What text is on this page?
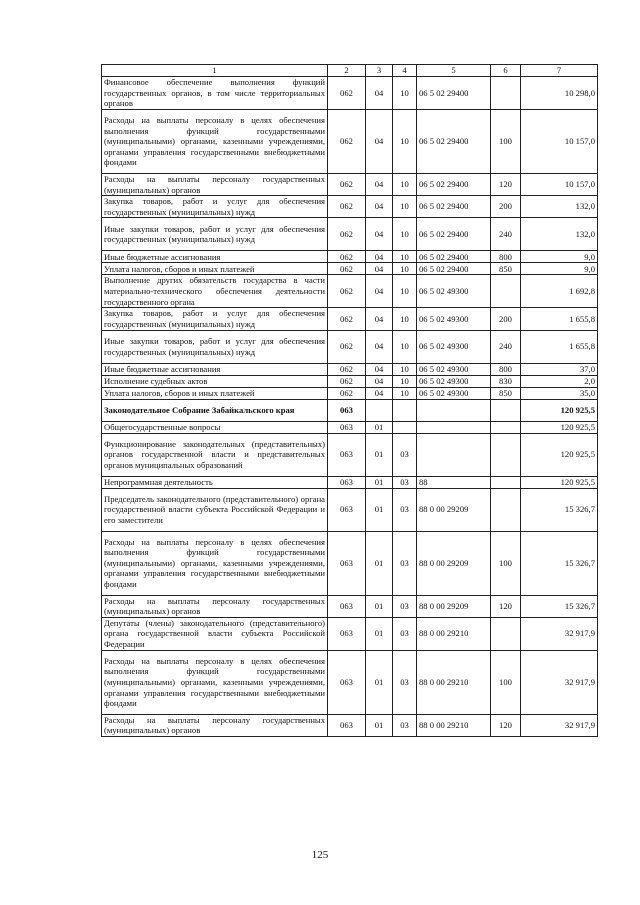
1	2	3	4	5	6	7
Финансовое обеспечение выполнения функций государственных органов, в том числе территориальных органов	062	04	10	06 5 02 29400		10 298,0
Расходы на выплаты персоналу в целях обеспечения выполнения функций государственными (муниципальными) органами, казенными учреждениями, органами управления государственными внебюджетными фондами	062	04	10	06 5 02 29400	100	10 157,0
Расходы на выплаты персоналу государственных (муниципальных) органов	062	04	10	06 5 02 29400	120	10 157,0
Закупка товаров, работ и услуг для обеспечения государственных (муниципальных) нужд	062	04	10	06 5 02 29400	200	132,0
Иные закупки товаров, работ и услуг для обеспечения государственных (муниципальных) нужд	062	04	10	06 5 02 29400	240	132,0
Иные бюджетные ассигнования	062	04	10	06 5 02 29400	800	9,0
Уплата налогов, сборов и иных платежей	062	04	10	06 5 02 29400	850	9,0
Выполнение других обязательств государства в части материально-технического обеспечения деятельности государственного органа	062	04	10	06 5 02 49300		1 692,8
Закупка товаров, работ и услуг для обеспечения государственных (муниципальных) нужд	062	04	10	06 5 02 49300	200	1 655,8
Иные закупки товаров, работ и услуг для обеспечения государственных (муниципальных) нужд	062	04	10	06 5 02 49300	240	1 655,8
Иные бюджетные ассигнования	062	04	10	06 5 02 49300	800	37,0
Исполнение судебных актов	062	04	10	06 5 02 49300	830	2,0
Уплата налогов, сборов и иных платежей	062	04	10	06 5 02 49300	850	35,0
Законодательное Собрание Забайкальского края	063					120 925,5
Общегосударственные вопросы	063	01				120 925,5
Функционирование законодательных (представительных) органов государственной власти и представительных органов муниципальных образований	063	01	03			120 925,5
Непрограммная деятельность	063	01	03	88		120 925,5
Председатель законодательного (представительного) органа государственной власти субъекта Российской Федерации и его заместители	063	01	03	88 0 00 29209		15 326,7
Расходы на выплаты персоналу в целях обеспечения выполнения функций государственными (муниципальными) органами, казенными учреждениями, органами управления государственными внебюджетными фондами	063	01	03	88 0 00 29209	100	15 326,7
Расходы на выплаты персоналу государственных (муниципальных) органов	063	01	03	88 0 00 29209	120	15 326,7
Депутаты (члены) законодательного (представительного) органа государственной власти субъекта Российской Федерации	063	01	03	88 0 00 29210		32 917,9
Расходы на выплаты персоналу в целях обеспечения выполнения функций государственными (муниципальными) органами, казенными учреждениями, органами управления государственными внебюджетными фондами	063	01	03	88 0 00 29210	100	32 917,9
Расходы на выплаты персоналу государственных (муниципальных) органов	063	01	03	88 0 00 29210	120	32 917,9
125
